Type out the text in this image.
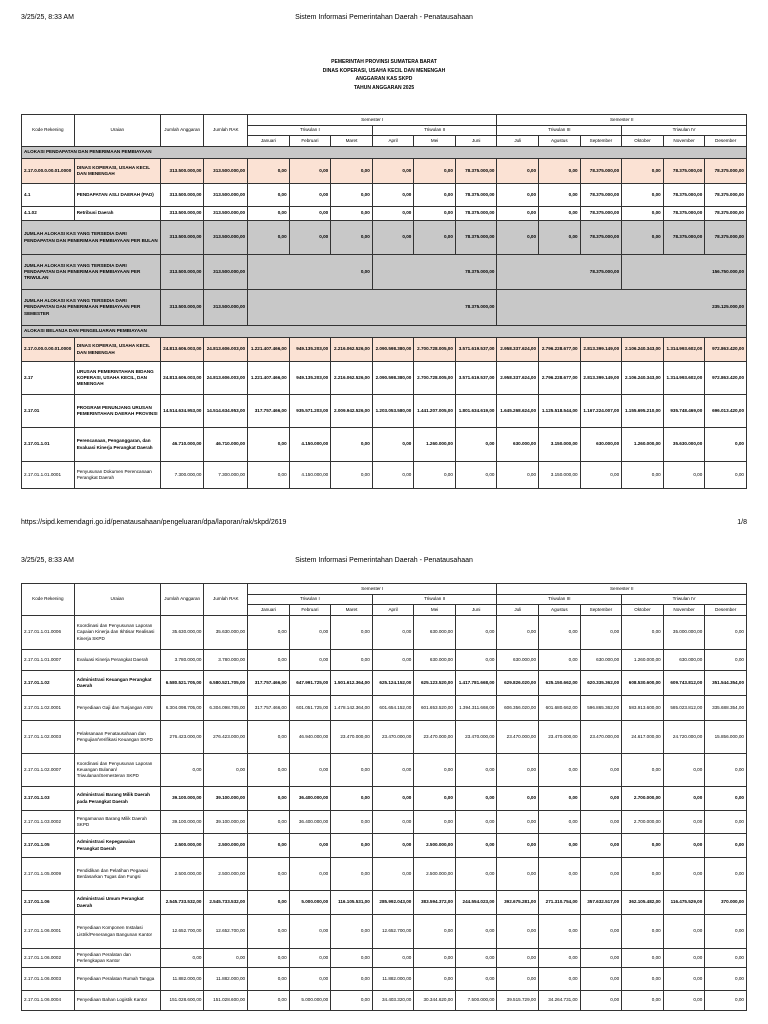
3/25/25, 8:33 AM	Sistem Informasi Pemerintahan Daerah - Penatausahaan
PEMERINTAH PROVINSI SUMATERA BARAT
DINAS KOPERASI, USAHA KECIL DAN MENENGAH
ANGGARAN KAS SKPD
TAHUN ANGGARAN 2025
Kode Rekening	Uraian	Jumlah Anggaran	Jumlah RAK	Semester I						Semester II					
				Triwulan I			Triwulan II			Triwulan III			Triwulan IV		
				Januari	Februari	Maret	April	Mei	Juni	Juli	Agustus	September	Oktober	November	Desember
ALOKASI PENDAPATAN DAN PENERIMAAN PEMBIAYAAN															
2.17.0.00.0.00.01.0000	DINAS KOPERASI, USAHA KECIL DAN MENENGAH	313.500.000,00	313.500.000,00	0,00	0,00	0,00	0,00	0,00	78.375.000,00	0,00	0,00	78.375.000,00	0,00	78.375.000,00	78.375.000,00
4.1	PENDAPATAN ASLI DAERAH (PAD)	313.500.000,00	313.500.000,00	0,00	0,00	0,00	0,00	0,00	78.375.000,00	0,00	0,00	78.375.000,00	0,00	78.375.000,00	78.375.000,00
4.1.02	Retribusi Daerah	313.500.000,00	313.500.000,00	0,00	0,00	0,00	0,00	0,00	78.375.000,00	0,00	0,00	78.375.000,00	0,00	78.375.000,00	78.375.000,00
JUMLAH ALOKASI KAS YANG TERSEDIA DARI PENDAPATAN DAN PENERIMAAN PEMBIAYAAN PER BULAN		313.500.000,00	313.500.000,00	0,00	0,00	0,00	0,00	0,00	78.375.000,00	0,00	0,00	78.375.000,00	0,00	78.375.000,00	78.375.000,00
JUMLAH ALOKASI KAS YANG TERSEDIA DARI PENDAPATAN DAN PENERIMAAN PEMBIAYAAN PER TRIWULAN		313.500.000,00	313.500.000,00	0,00			78.375.000,00			78.375.000,00			156.750.000,00		
JUMLAH ALOKASI KAS YANG TERSEDIA DARI PENDAPATAN DAN PENERIMAAN PEMBIAYAAN PER SEMESTER		313.500.000,00	313.500.000,00	78.375.000,00						235.125.000,00					
ALOKASI BELANJA DAN PENGELUARAN PEMBIAYAAN															
2.17.0.00.0.00.01.0000	DINAS KOPERASI, USAHA KECIL DAN MENENGAH	24.813.606.003,00	24.813.606.003,00	1.221.407.466,00	949.135.203,00	2.216.062.526,00	2.090.598.380,00	2.700.728.005,00	3.571.619.537,00	2.958.337.624,00	2.796.228.677,00	2.813.399.149,00	2.106.240.343,00	1.314.993.602,00	972.863.420,00
2.17	URUSAN PEMERINTAHAN BIDANG KOPERASI, USAHA KECIL, DAN MENENGAH	24.813.606.003,00	24.813.606.003,00	1.221.407.466,00	949.135.203,00	2.216.062.526,00	2.090.598.380,00	2.700.728.005,00	3.571.619.537,00	2.958.337.624,00	2.796.228.677,00	2.813.399.149,00	2.106.240.343,00	1.314.993.602,00	972.863.420,00
2.17.01	PROGRAM PENUNJANG URUSAN PEMERINTAHAN DAERAH PROVINSI	14.514.634.953,00	14.514.634.953,00	317.757.466,00	935.571.203,00	2.009.942.526,00	1.203.053.580,00	1.441.207.005,00	1.801.634.619,00	1.645.268.624,00	1.125.518.544,00	1.167.224.007,00	1.155.695.210,00	935.748.469,00	696.013.420,00
2.17.01.1.01	Perencanaan, Penganggaran, dan Evaluasi Kinerja Perangkat Daerah	46.710.000,00	46.710.000,00	0,00	4.150.000,00	0,00	0,00	1.260.000,00	0,00	630.000,00	3.150.000,00	630.000,00	1.260.000,00	35.630.000,00	0,00
2.17.01.1.01.0001	Penyusunan Dokumen Perencanaan Perangkat Daerah	7.300.000,00	7.300.000,00	0,00	4.150.000,00	0,00	0,00	0,00	0,00	0,00	3.150.000,00	0,00	0,00	0,00	0,00
https://sipd.kemendagri.go.id/penatausahaan/pengeluaran/dpa/laporan/rak/skpd/2619	1/8
3/25/25, 8:33 AM	Sistem Informasi Pemerintahan Daerah - Penatausahaan
Kode Rekening	Uraian	Jumlah Anggaran	Jumlah RAK	Semester I						Semester II					
				Triwulan I			Triwulan II			Triwulan III			Triwulan IV		
				Januari	Februari	Maret	April	Mei	Juni	Juli	Agustus	September	Oktober	November	Desember
2.17.01.1.01.0006	Koordinasi dan Penyusunan Laporan Capaian Kinerja dan Ikhtisar Realisasi Kinerja SKPD	35.630.000,00	35.630.000,00	0,00	0,00	0,00	0,00	630.000,00	0,00	0,00	0,00	0,00	0,00	35.000.000,00	0,00
2.17.01.1.01.0007	Evaluasi Kinerja Perangkat Daerah	3.780.000,00	3.780.000,00	0,00	0,00	0,00	0,00	630.000,00	0,00	630.000,00	0,00	630.000,00	1.260.000,00	630.000,00	0,00
2.17.01.1.02	Administrasi Keuangan Perangkat Daerah	6.580.521.705,00	6.580.521.705,00	317.757.466,00	647.991.725,00	1.501.612.364,00	625.124.152,00	625.123.520,00	1.417.781.668,00	629.826.020,00	625.150.662,00	620.335.362,00	608.530.600,00	609.743.812,00	351.544.354,00
2.17.01.1.02.0001	Penyediaan Gaji dan Tunjangan ASN	6.304.098.705,00	6.304.098.705,00	317.757.466,00	601.051.725,00	1.478.142.364,00	601.654.152,00	601.653.520,00	1.394.311.668,00	606.356.020,00	601.680.662,00	596.865.362,00	583.913.600,00	585.023.812,00	335.688.354,00
2.17.01.1.02.0003	Pelaksanaan Penatausahaan dan Pengujian/Verifikasi Keuangan SKPD	276.423.000,00	276.423.000,00	0,00	46.940.000,00	23.470.000,00	23.470.000,00	23.470.000,00	23.470.000,00	23.470.000,00	23.470.000,00	23.470.000,00	24.617.000,00	24.720.000,00	15.856.000,00
2.17.01.1.02.0007	Koordinasi dan Penyusunan Laporan Keuangan Bulanan/ Triwulanan/Semesteran SKPD	0,00	0,00	0,00	0,00	0,00	0,00	0,00	0,00	0,00	0,00	0,00	0,00	0,00	0,00
2.17.01.1.03	Administrasi Barang Milik Daerah pada Perangkat Daerah	39.100.000,00	39.100.000,00	0,00	36.400.000,00	0,00	0,00	0,00	0,00	0,00	0,00	0,00	2.700.000,00	0,00	0,00
2.17.01.1.03.0002	Pengamanan Barang Milik Daerah SKPD	39.100.000,00	39.100.000,00	0,00	36.400.000,00	0,00	0,00	0,00	0,00	0,00	0,00	0,00	2.700.000,00	0,00	0,00
2.17.01.1.05	Administrasi Kepegawaian Perangkat Daerah	2.500.000,00	2.500.000,00	0,00	0,00	0,00	0,00	2.500.000,00	0,00	0,00	0,00	0,00	0,00	0,00	0,00
2.17.01.1.05.0009	Pendidikan dan Pelatihan Pegawai Berdasarkan Tugas dan Fungsi	2.500.000,00	2.500.000,00	0,00	0,00	0,00	0,00	2.500.000,00	0,00	0,00	0,00	0,00	0,00	0,00	0,00
2.17.01.1.06	Administrasi Umum Perangkat Daerah	2.545.733.532,00	2.545.733.532,00	0,00	5.000.000,00	116.105.531,00	285.992.043,00	383.594.372,00	244.554.023,00	392.675.281,00	271.310.754,00	357.632.517,00	362.105.482,00	116.475.529,00	370.000,00
2.17.01.1.06.0001	Penyediaan Komponen Instalasi Listrik/Penerangan Bangunan Kantor	12.652.700,00	12.652.700,00	0,00	0,00	0,00	12.652.700,00	0,00	0,00	0,00	0,00	0,00	0,00	0,00	0,00
2.17.01.1.06.0002	Penyediaan Peralatan dan Perlengkapan Kantor	0,00	0,00	0,00	0,00	0,00	0,00	0,00	0,00	0,00	0,00	0,00	0,00	0,00	0,00
2.17.01.1.06.0003	Penyediaan Peralatan Rumah Tangga	11.882.000,00	11.882.000,00	0,00	0,00	0,00	11.882.000,00	0,00	0,00	0,00	0,00	0,00	0,00	0,00	0,00
2.17.01.1.06.0004	Penyediaan Bahan Logistik Kantor	151.028.600,00	151.028.600,00	0,00	5.000.000,00	0,00	34.403.320,00	30.344.620,00	7.500.000,00	39.515.729,00	34.264.731,00	0,00	0,00	0,00	0,00
